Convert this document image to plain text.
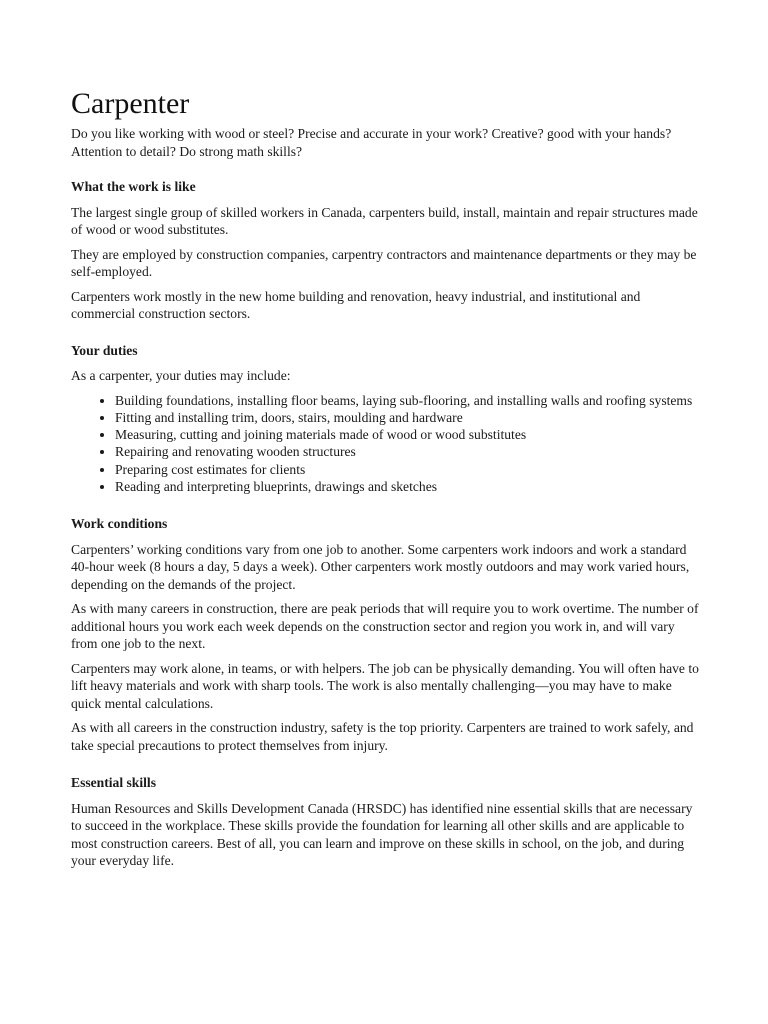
Carpenter

Do you like working with wood or steel? Precise and accurate in your work? Creative? good with your hands? Attention to detail? Do strong math skills?

What the work is like

The largest single group of skilled workers in Canada, carpenters build, install, maintain and repair structures made of wood or wood substitutes.

They are employed by construction companies, carpentry contractors and maintenance departments or they may be self-employed.

Carpenters work mostly in the new home building and renovation, heavy industrial, and institutional and commercial construction sectors.

Your duties

As a carpenter, your duties may include:

• Building foundations, installing floor beams, laying sub-flooring, and installing walls and roofing systems
• Fitting and installing trim, doors, stairs, moulding and hardware
• Measuring, cutting and joining materials made of wood or wood substitutes
• Repairing and renovating wooden structures
• Preparing cost estimates for clients
• Reading and interpreting blueprints, drawings and sketches
Work conditions

Carpenters’ working conditions vary from one job to another. Some carpenters work indoors and work a standard 40-hour week (8 hours a day, 5 days a week). Other carpenters work mostly outdoors and may work varied hours, depending on the demands of the project.

As with many careers in construction, there are peak periods that will require you to work overtime. The number of additional hours you work each week depends on the construction sector and region you work in, and will vary from one job to the next.

Carpenters may work alone, in teams, or with helpers. The job can be physically demanding. You will often have to lift heavy materials and work with sharp tools. The work is also mentally challenging—you may have to make quick mental calculations.

As with all careers in the construction industry, safety is the top priority. Carpenters are trained to work safely, and take special precautions to protect themselves from injury.

Essential skills

Human Resources and Skills Development Canada (HRSDC) has identified nine essential skills that are necessary to succeed in the workplace. These skills provide the foundation for learning all other skills and are applicable to most construction careers. Best of all, you can learn and improve on these skills in school, on the job, and during your everyday life.
